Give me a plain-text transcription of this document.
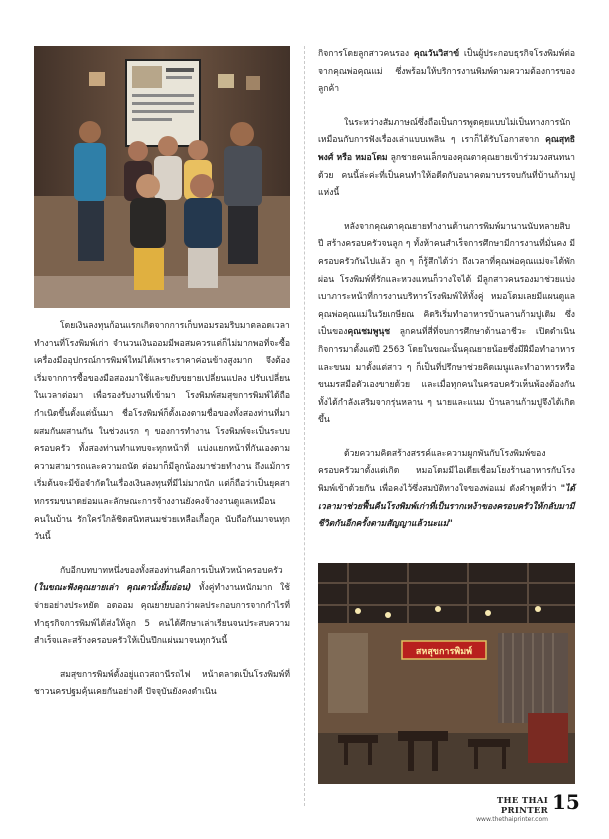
สหสุขการพิมพ์

โดยเงินลงทุนก้อนแรกเกิดจากการเก็บหอมรอมริบมาตลอดเวลาทำงานที่โรงพิมพ์เก่า จำนวนเงินออมมีพอสมควรแต่ก็ไม่มากพอที่จะซื้อเครื่องมืออุปกรณ์การพิมพ์ใหม่ได้เพราะราคาค่อนข้างสูงมาก จึงต้องเริ่มจากการซื้อของมือสองมาใช้และขยับขยายเปลี่ยนแปลง ปรับเปลี่ยนในเวลาต่อมา เพื่อรองรับงานที่เข้ามา โรงพิมพ์สมสุขการพิมพ์ได้ถือกำเนิดขึ้นตั้งแต่นั้นมา ชื่อโรงพิมพ์ก็ตั้งเองตามชื่อของทั้งสองท่านที่มาผสมกันผสานกัน ในช่วงแรก ๆ ของการทำงาน โรงพิมพ์จะเป็นระบบครอบครัว ทั้งสองท่านทำแทบจะทุกหน้าที่ แบ่งแยกหน้าที่กันเองตามความสามารถและความถนัด ต่อมาก็มีลูกน้องมาช่วยทำงาน ถึงแม้การเริ่มต้นจะมีข้อจำกัดในเรื่องเงินลงทุนที่มีไม่มากนัก แต่ก็ถือว่าเป็นยุคสาทกรรมขนาดย่อมและลักษณะการจ้างงานยังคงจ้างงานดูแลเหมือนคนในบ้าน รักใคร่ใกล้ชิดสนิทสนมช่วยเหลือเกื้อกูล นับถือกันมาจนทุกวันนี้

กับอีกบทบาทหนึ่งของทั้งสองท่านคือการเป็นหัวหน้าครอบครัว (ในขณะฟังคุณยายเล่า คุณตานั่งยิ้มอ่อน) ทั้งคู่ทำงานหนักมาก ใช้จ่ายอย่างประหยัด อดออม คุณยายบอกว่าผลประกอบการจากกำไรที่ทำธุรกิจการพิมพ์ได้ส่งให้ลูก 5 คนได้ศึกษาเล่าเรียนจนประสบความสำเร็จและสร้างครอบครัวให้เป็นปึกแผ่นมาจนทุกวันนี้

สมสุขการพิมพ์ตั้งอยู่แถวสถานีรถไฟ หน้าตลาดเป็นโรงพิมพ์ที่ชาวนครปฐมคุ้นเคยกันอย่างดี ปัจจุบันยังคงดำเนิน

กิจการโดยลูกสาวคนรอง คุณวันวิสาข์ เป็นผู้ประกอบธุรกิจโรงพิมพ์ต่อจากคุณพ่อคุณแม่ ซึ่งพร้อมให้บริการงานพิมพ์ตามความต้องการของลูกค้า

ในระหว่างสัมภาษณ์ซึ่งถือเป็นการพูดคุยแบบไม่เป็นทางการนัก เหมือนกับการฟังเรื่องเล่าแบบเพลิน ๆ เราก็ได้รับโอกาสจาก คุณสุทธิพงศ์ หรือ หมอโดม ลูกชายคนเล็กของคุณตาคุณยายเข้าร่วมวงสนทนาด้วย คนนี้ล่ะค่ะที่เป็นคนทำให้อดีตกับอนาคตมาบรรจบกันที่บ้านก้ามปูแห่งนี้

หลังจากคุณตาคุณยายทำงานด้านการพิมพ์มานานนับหลายสิบปี สร้างครอบครัวจนลูก ๆ ทั้งห้าคนสำเร็จการศึกษามีการงานที่มั่นคง มีครอบครัวกันไปแล้ว ลูก ๆ ก็รู้สึกได้ว่า ถึงเวลาที่คุณพ่อคุณแม่จะได้พักผ่อน โรงพิมพ์ที่รักและหวงแหนก็วางใจได้ มีลูกสาวคนรองมาช่วยแบ่งเบาภาระหน้าที่การงานบริหารโรงพิมพ์ให้ทั้งคู่ หมอโดมเลยมีแผนดูแลคุณพ่อคุณแม่ในวัยเกษียณ คิดริเริ่มทำอาหารบ้านลานก้ามปูเดิม ซึ่งเป็นของคุณชมพูนุช ลูกคนที่สี่ที่จบการศึกษาด้านอาชีวะ เปิดดำเนินกิจการมาตั้งแต่ปี 2563 โดยในขณะนั้นคุณยายน้อยซึ่งมีฝีมือทำอาหารและขนม มาตั้งแต่สาว ๆ ก็เป็นที่ปรึกษาช่วยคิดเมนูและทำอาหารหรือขนมรสมือตัวเองขายด้วย และเมื่อทุกคนในครอบครัวเห็นพ้องต้องกัน ทั้งได้กำลังเสริมจากรุ่นหลาน ๆ นายและแนม บ้านลานก้ามปูจึงได้เกิดขึ้น

ด้วยความคิดสร้างสรรค์และความผูกพันกับโรงพิมพ์ของครอบครัวมาตั้งแต่เกิด หมอโดมมีไอเดียเชื่อมโยงร้านอาหารกับโรงพิมพ์เข้าด้วยกัน เพื่อคงไว้ซึ่งสมบัติทางใจของพ่อแม่ ดังคำพูดที่ว่า "ได้เวลามาช่วยฟื้นคืนโรงพิมพ์เก่าที่เป็นรากเหง้าของครอบครัวให้กลับมามีชีวิตกันอีกครั้งตามสัญญาแล้วนะแม่"

THE THAI PRINTER
www.thethaiprinter.com
15
